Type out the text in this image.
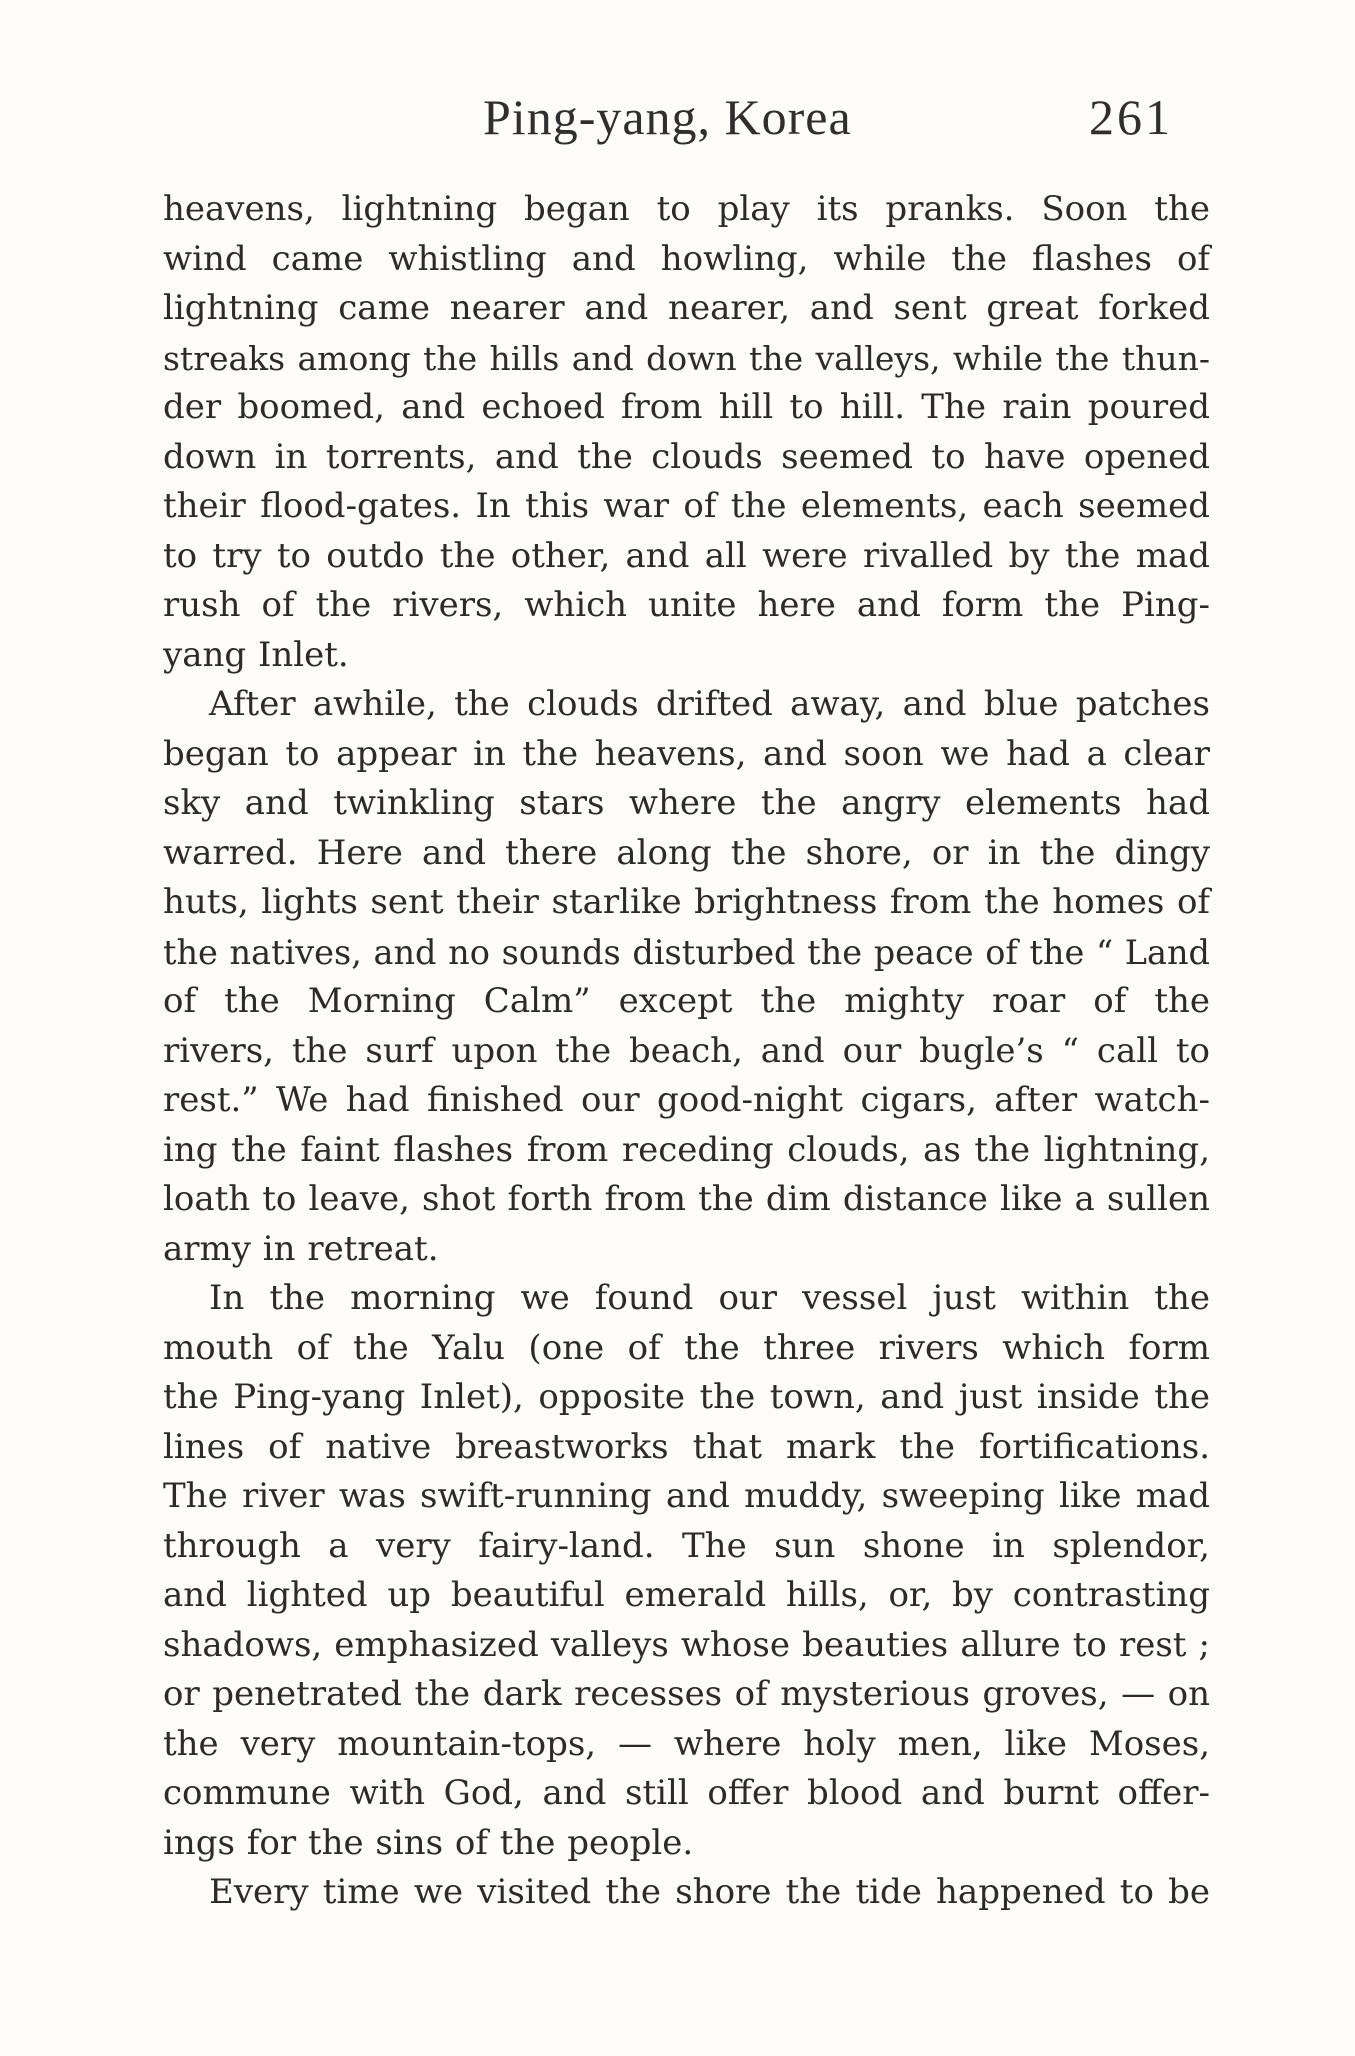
Ping-yang, Korea	261
heavens, lightning began to play its pranks. Soon the
wind came whistling and howling, while the flashes of
lightning came nearer and nearer, and sent great forked
streaks among the hills and down the valleys, while the thun-
der boomed, and echoed from hill to hill. The rain poured
down in torrents, and the clouds seemed to have opened
their flood-gates. In this war of the elements, each seemed
to try to outdo the other, and all were rivalled by the mad
rush of the rivers, which unite here and form the Ping-
yang Inlet.
After awhile, the clouds drifted away, and blue patches
began to appear in the heavens, and soon we had a clear
sky and twinkling stars where the angry elements had
warred. Here and there along the shore, or in the dingy
huts, lights sent their starlike brightness from the homes of
the natives, and no sounds disturbed the peace of the “ Land
of the Morning Calm” except the mighty roar of the
rivers, the surf upon the beach, and our bugle’s “ call to
rest.” We had finished our good-night cigars, after watch-
ing the faint flashes from receding clouds, as the lightning,
loath to leave, shot forth from the dim distance like a sullen
army in retreat.
In the morning we found our vessel just within the
mouth of the Yalu (one of the three rivers which form
the Ping-yang Inlet), opposite the town, and just inside the
lines of native breastworks that mark the fortifications.
The river was swift-running and muddy, sweeping like mad
through a very fairy-land. The sun shone in splendor,
and lighted up beautiful emerald hills, or, by contrasting
shadows, emphasized valleys whose beauties allure to rest ;
or penetrated the dark recesses of mysterious groves, — on
the very mountain-tops, — where holy men, like Moses,
commune with God, and still offer blood and burnt offer-
ings for the sins of the people.
Every time we visited the shore the tide happened to be
